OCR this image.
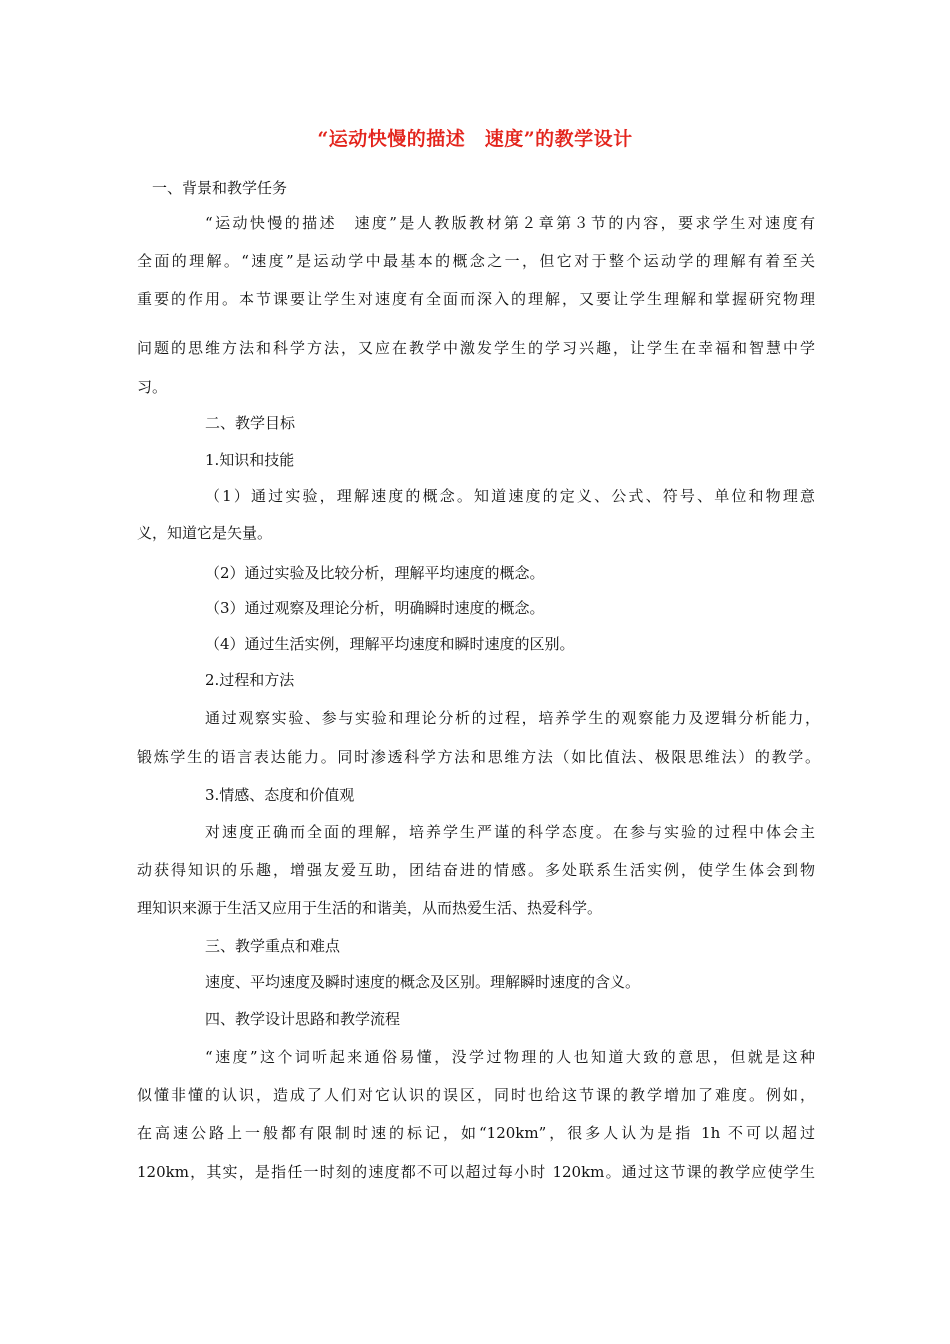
“运动快慢的描述　速度”的教学设计
一、背景和教学任务
“运动快慢的描述　速度”是人教版教材第２章第３节的内容，要求学生对速度有
全面的理解。“速度”是运动学中最基本的概念之一，但它对于整个运动学的理解有着至关
重要的作用。本节课要让学生对速度有全面而深入的理解，又要让学生理解和掌握研究物理
问题的思维方法和科学方法，又应在教学中激发学生的学习兴趣，让学生在幸福和智慧中学
习。
二、教学目标
1.知识和技能
（1）通过实验，理解速度的概念。知道速度的定义、公式、符号、单位和物理意
义，知道它是矢量。
（2）通过实验及比较分析，理解平均速度的概念。
（3）通过观察及理论分析，明确瞬时速度的概念。
（4）通过生活实例，理解平均速度和瞬时速度的区别。
2.过程和方法
通过观察实验、参与实验和理论分析的过程，培养学生的观察能力及逻辑分析能力，
锻炼学生的语言表达能力。同时渗透科学方法和思维方法（如比值法、极限思维法）的教学。
3.情感、态度和价值观
对速度正确而全面的理解，培养学生严谨的科学态度。在参与实验的过程中体会主
动获得知识的乐趣，增强友爱互助，团结奋进的情感。多处联系生活实例，使学生体会到物
理知识来源于生活又应用于生活的和谐美，从而热爱生活、热爱科学。
三、教学重点和难点
速度、平均速度及瞬时速度的概念及区别。理解瞬时速度的含义。
四、教学设计思路和教学流程
“速度”这个词听起来通俗易懂，没学过物理的人也知道大致的意思，但就是这种
似懂非懂的认识，造成了人们对它认识的误区，同时也给这节课的教学增加了难度。例如，
在高速公路上一般都有限制时速的标记，如“120km”，很多人认为是指 1h 不可以超过
120km，其实，是指任一时刻的速度都不可以超过每小时 120km。通过这节课的教学应使学生
